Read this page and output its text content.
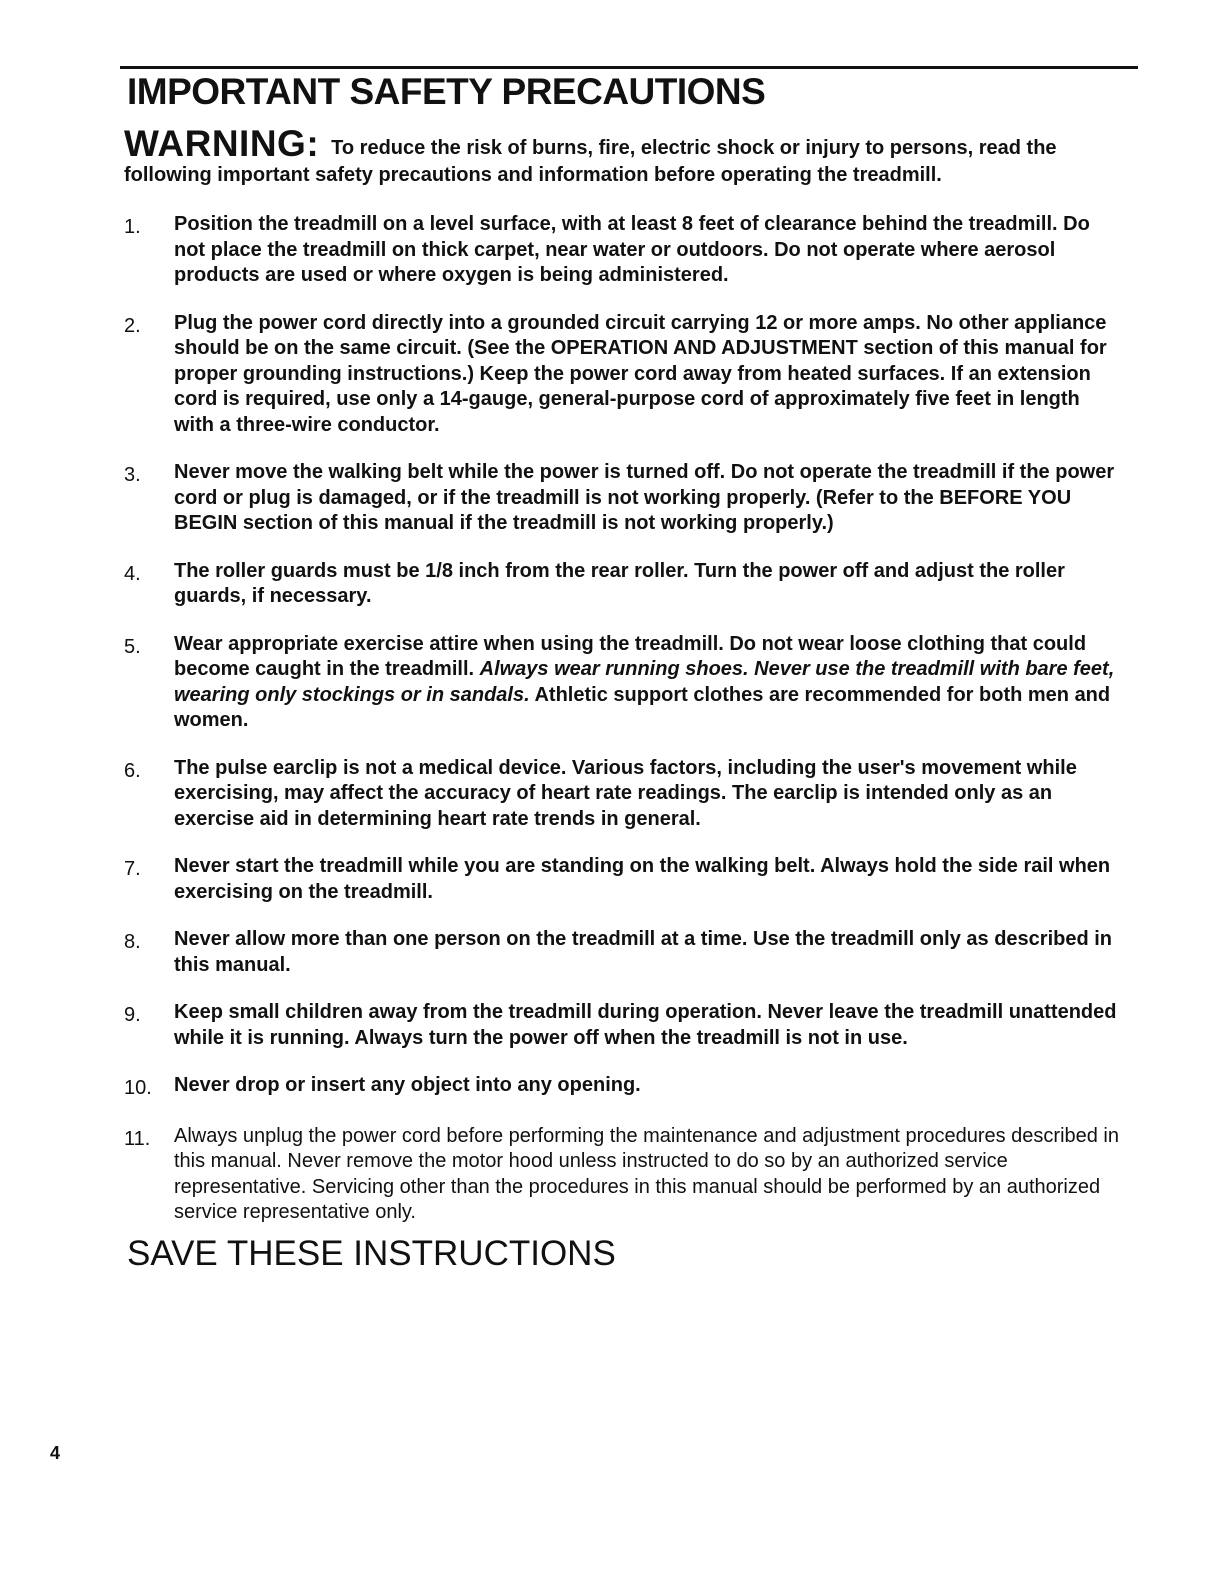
IMPORTANT SAFETY PRECAUTIONS

WARNING: To reduce the risk of burns, fire, electric shock or injury to persons, read the following important safety precautions and information before operating the treadmill.

1.	Position the treadmill on a level surface, with at least 8 feet of clearance behind the treadmill. Do not place the treadmill on thick carpet, near water or outdoors. Do not operate where aerosol products are used or where oxygen is being administered.
2.	Plug the power cord directly into a grounded circuit carrying 12 or more amps. No other appliance should be on the same circuit. (See the OPERATION AND ADJUSTMENT section of this manual for proper grounding instructions.) Keep the power cord away from heated surfaces. If an extension cord is required, use only a 14-gauge, general-purpose cord of approximately five feet in length with a three-wire conductor.
3.	Never move the walking belt while the power is turned off. Do not operate the treadmill if the power cord or plug is damaged, or if the treadmill is not working properly. (Refer to the BEFORE YOU BEGIN section of this manual if the treadmill is not working properly.)
4.	The roller guards must be 1/8 inch from the rear roller. Turn the power off and adjust the roller guards, if necessary.
5.	Wear appropriate exercise attire when using the treadmill. Do not wear loose clothing that could become caught in the treadmill. Always wear running shoes. Never use the treadmill with bare feet, wearing only stockings or in sandals. Athletic support clothes are recommended for both men and women.
6.	The pulse earclip is not a medical device. Various factors, including the user's movement while exercising, may affect the accuracy of heart rate readings. The earclip is intended only as an exercise aid in determining heart rate trends in general.
7.	Never start the treadmill while you are standing on the walking belt. Always hold the side rail when exercising on the treadmill.
8.	Never allow more than one person on the treadmill at a time. Use the treadmill only as described in this manual.
9.	Keep small children away from the treadmill during operation. Never leave the treadmill unattended while it is running. Always turn the power off when the treadmill is not in use.
10.	Never drop or insert any object into any opening.
11.	Always unplug the power cord before performing the maintenance and adjustment procedures described in this manual. Never remove the motor hood unless instructed to do so by an authorized service representative. Servicing other than the procedures in this manual should be performed by an authorized service representative only.
SAVE THESE INSTRUCTIONS

4
